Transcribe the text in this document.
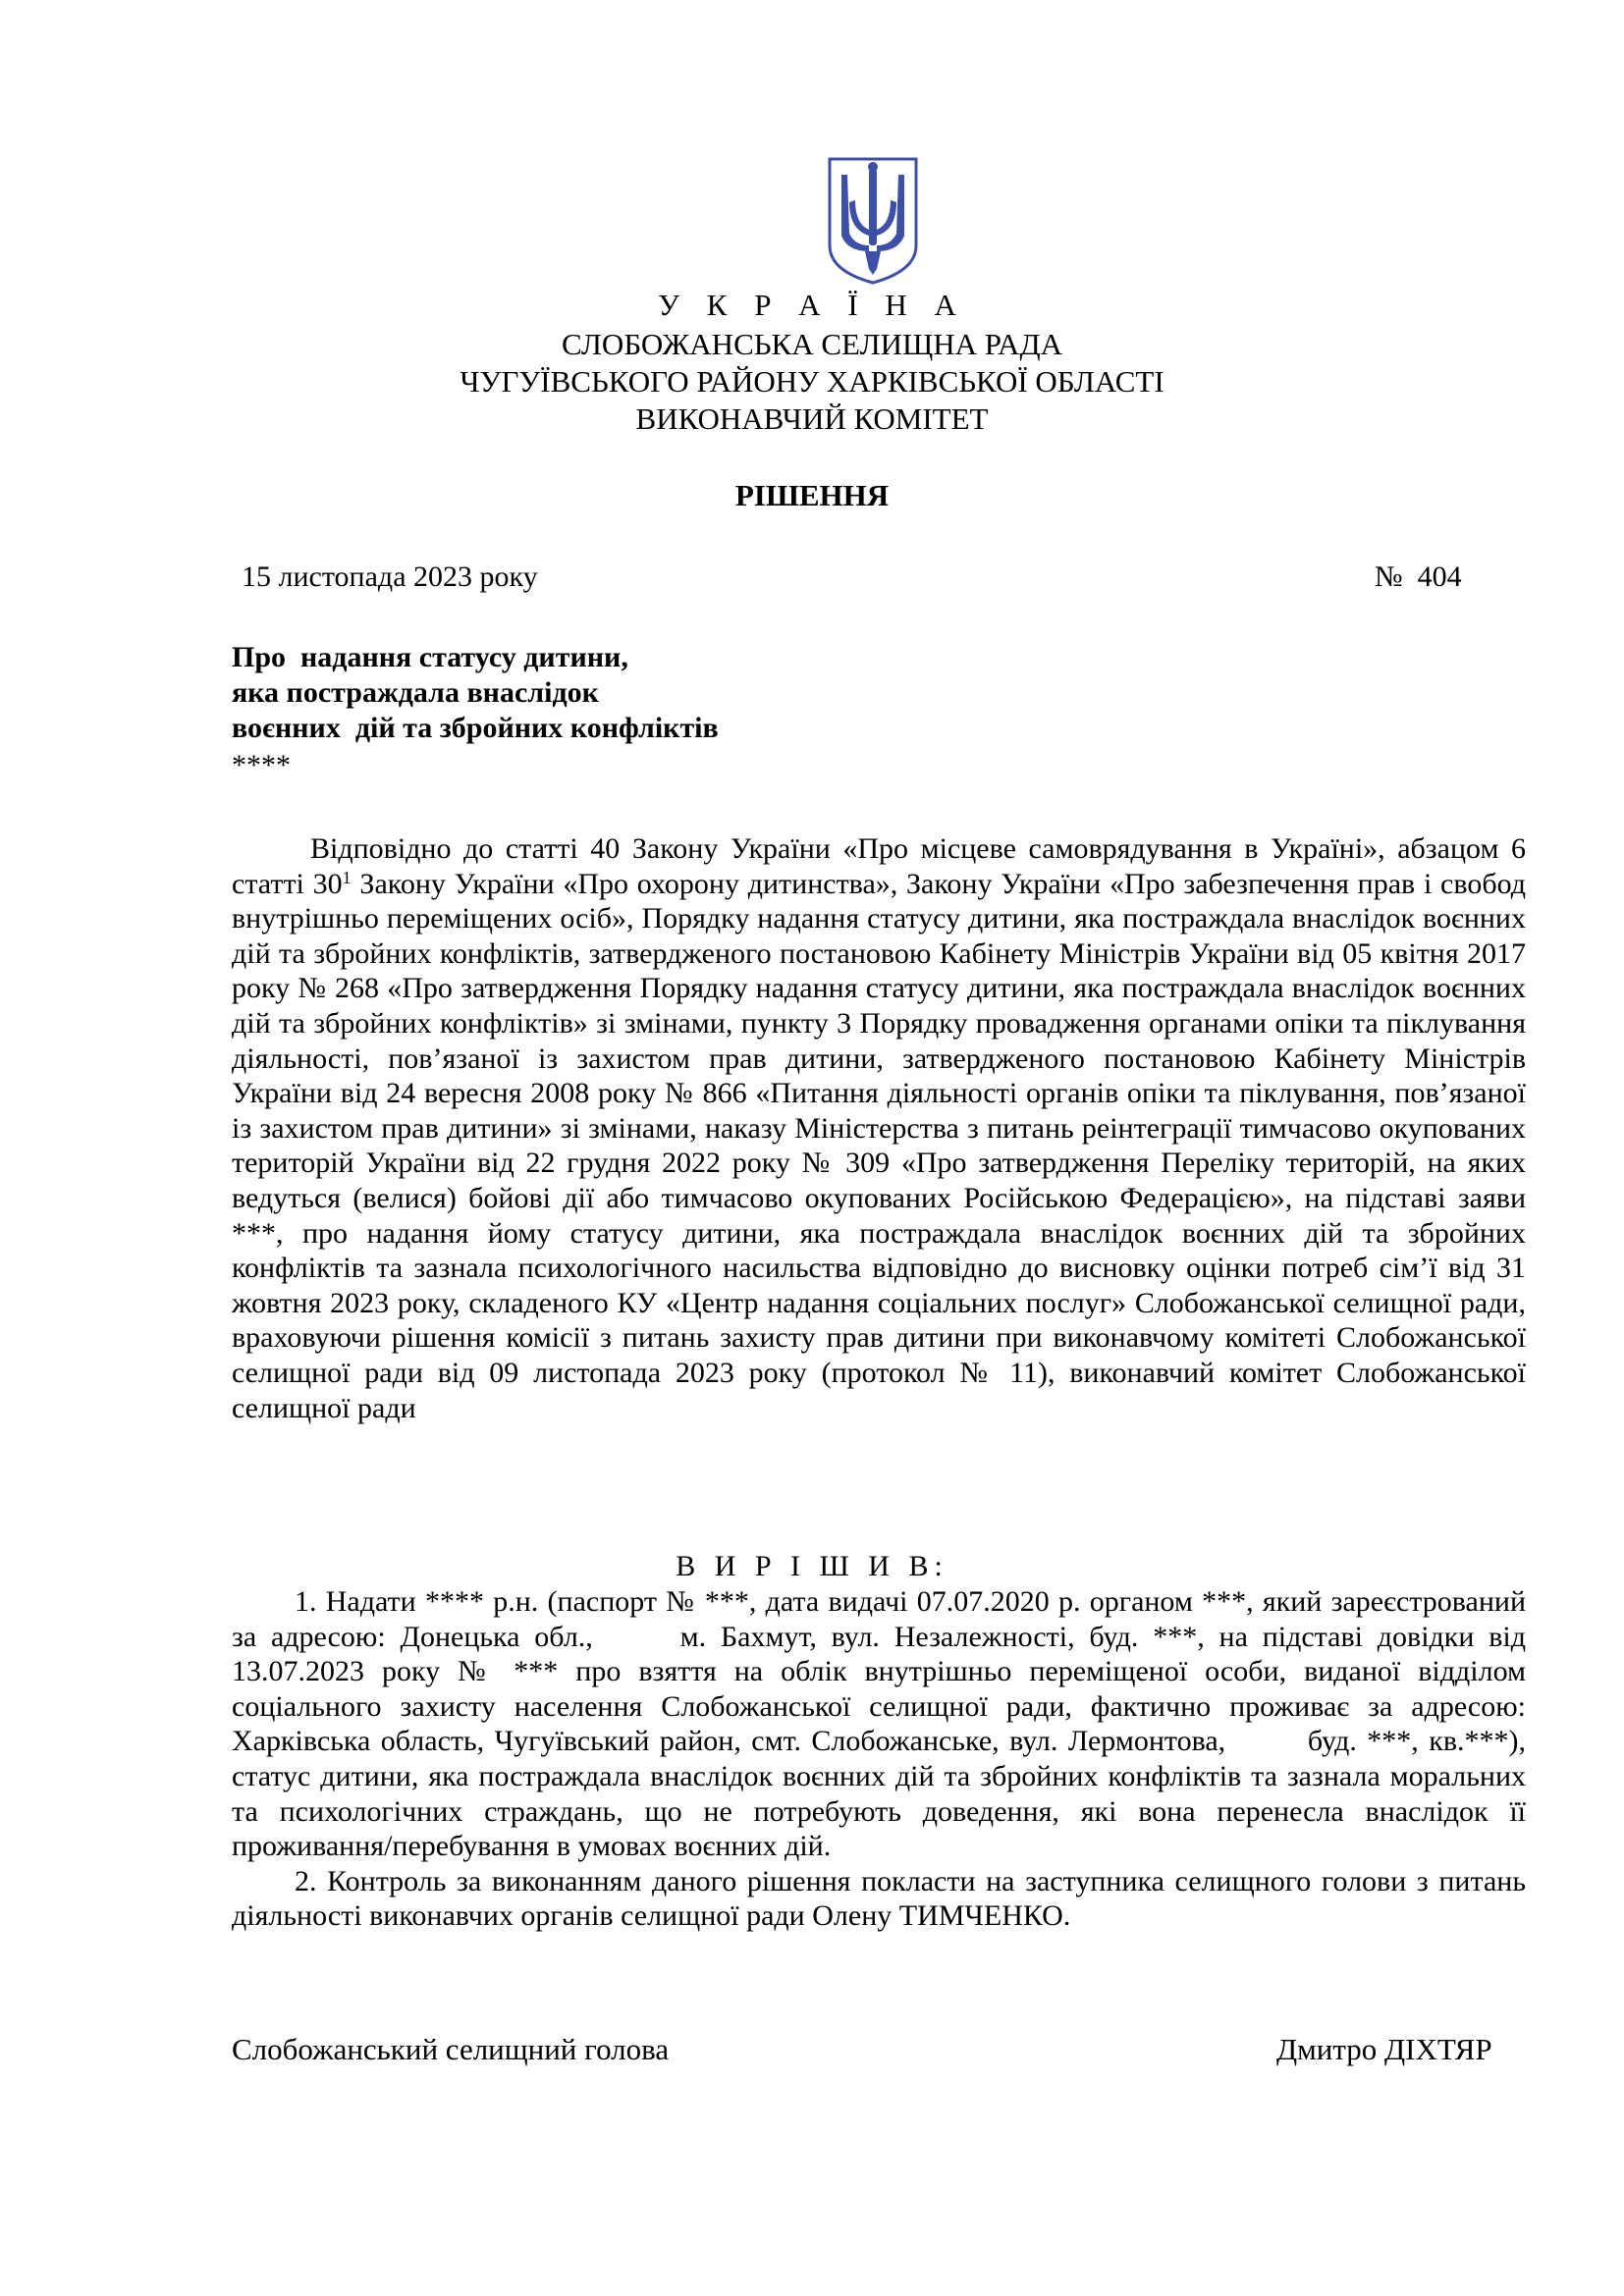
У К Р А Ї Н А
СЛОБОЖАНСЬКА СЕЛИЩНА РАДА
ЧУГУЇВСЬКОГО РАЙОНУ ХАРКІВСЬКОЇ ОБЛАСТІ
ВИКОНАВЧИЙ КОМІТЕТ
РІШЕННЯ
15 листопада 2023 року	№  404
Про  надання статусу дитини,
яка постраждала внаслідок
воєнних  дій та збройних конфліктів
****

Відповідно до статті 40 Закону України «Про місцеве самоврядування в Україні», абзацом 6 статті $30^1$ Закону України «Про охорону дитинства», Закону України «Про забезпечення прав і свобод внутрішньо переміщених осіб», Порядку надання статусу дитини, яка постраждала внаслідок воєнних дій та збройних конфліктів, затвердженого постановою Кабінету Міністрів України від 05 квітня 2017 року № 268 «Про затвердження Порядку надання статусу дитини, яка постраждала внаслідок воєнних дій та збройних конфліктів» зі змінами, пункту 3 Порядку провадження органами опіки та піклування діяльності, пов’язаної із захистом прав дитини, затвердженого постановою Кабінету Міністрів України від 24 вересня 2008 року № 866 «Питання діяльності органів опіки та піклування, пов’язаної із захистом прав дитини» зі змінами, наказу Міністерства з питань реінтеграції тимчасово окупованих територій України від 22 грудня 2022 року № 309 «Про затвердження Переліку територій, на яких ведуться (велися) бойові дії або тимчасово окупованих Російською Федерацією», на підставі заяви ***, про надання йому статусу дитини, яка постраждала внаслідок воєнних дій та збройних конфліктів та зазнала психологічного насильства відповідно до висновку оцінки потреб сім’ї від 31 жовтня 2023 року, складеного КУ «Центр надання соціальних послуг» Слобожанської селищної ради, враховуючи рішення комісії з питань захисту прав дитини при виконавчому комітеті Слобожанської селищної ради від 09 листопада 2023 року (протокол № 11), виконавчий комітет Слобожанської селищної ради

В И Р І Ш И В:

1. Надати **** р.н. (паспорт № ***, дата видачі 07.07.2020 р. органом ***, який зареєстрований за адресою: Донецька обл.,      м. Бахмут, вул. Незалежності, буд. ***, на підставі довідки від 13.07.2023 року № *** про взяття на облік внутрішньо переміщеної особи, виданої відділом соціального захисту населення Слобожанської селищної ради, фактично проживає за адресою: Харківська область, Чугуївський район, смт. Слобожанське, вул. Лермонтова,        буд. ***, кв.***), статус дитини, яка постраждала внаслідок воєнних дій та збройних конфліктів та зазнала моральних та психологічних страждань, що не потребують доведення, які вона перенесла внаслідок її проживання/перебування в умовах воєнних дій.

2. Контроль за виконанням даного рішення покласти на заступника селищного голови з питань діяльності виконавчих органів селищної ради Олену ТИМЧЕНКО.

Слобожанський селищний голова	Дмитро ДІХТЯР
